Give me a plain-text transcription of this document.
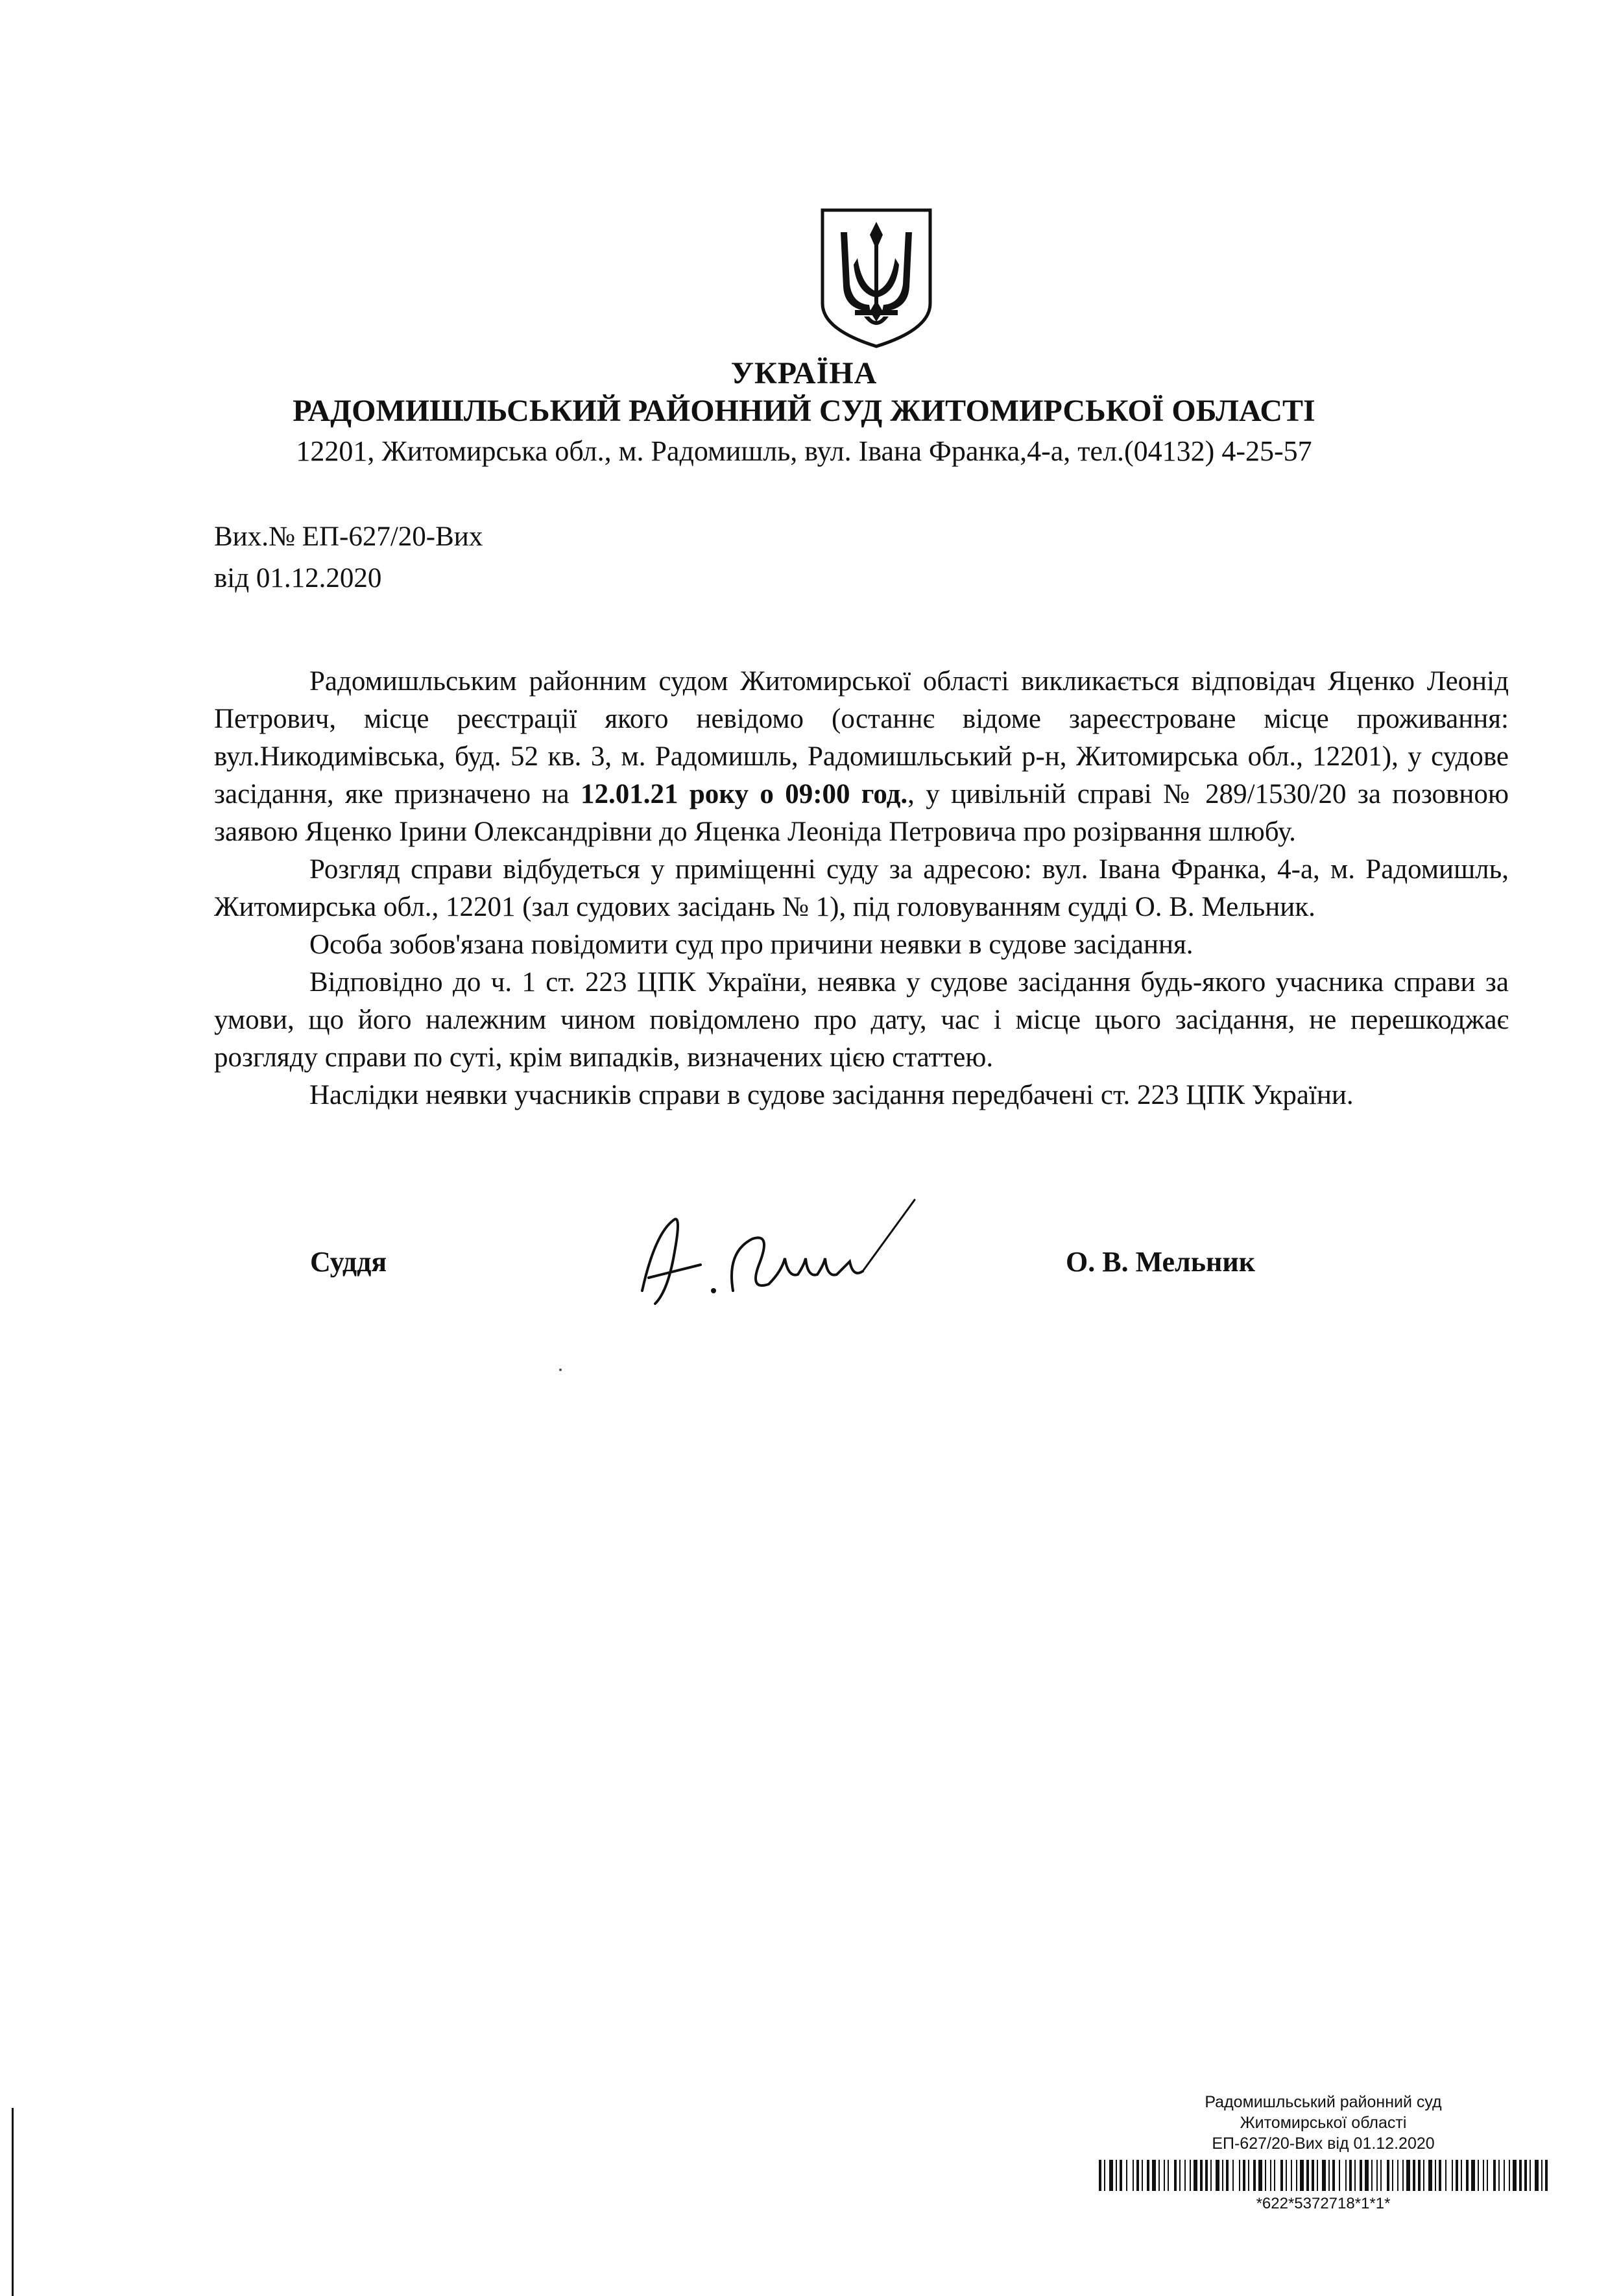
УКРАЇНА
РАДОМИШЛЬСЬКИЙ РАЙОННИЙ СУД ЖИТОМИРСЬКОЇ ОБЛАСТІ
12201, Житомирська обл., м. Радомишль, вул. Івана Франка,4-а, тел.(04132) 4-25-57
Вих.№ ЕП-627/20-Вих
від 01.12.2020

Радомишльським районним судом Житомирської області викликається відповідач Яценко Леонід Петрович, місце реєстрації якого невідомо (останнє відоме зареєстроване місце проживання: вул.Никодимівська, буд. 52 кв. 3, м. Радомишль, Радомишльський р-н, Житомирська обл., 12201), у судове засідання, яке призначено на 12.01.21 року о 09:00 год., у цивільній справі № 289/1530/20 за позовною заявою Яценко Ірини Олександрівни до Яценка Леоніда Петровича про розірвання шлюбу.

Розгляд справи відбудеться у приміщенні суду за адресою: вул. Івана Франка, 4-а, м. Радомишль, Житомирська обл., 12201 (зал судових засідань № 1), під головуванням судді О. В. Мельник.

Особа зобов'язана повідомити суд про причини неявки в судове засідання.

Відповідно до ч. 1 ст. 223 ЦПК України, неявка у судове засідання будь-якого учасника справи за умови, що його належним чином повідомлено про дату, час і місце цього засідання, не перешкоджає розгляду справи по суті, крім випадків, визначених цією статтею.

Наслідки неявки учасників справи в судове засідання передбачені ст. 223 ЦПК України.

Суддя	О. В. Мельник
Радомишльський районний суд
Житомирської області
ЕП-627/20-Вих від 01.12.2020
*622*5372718*1*1*
